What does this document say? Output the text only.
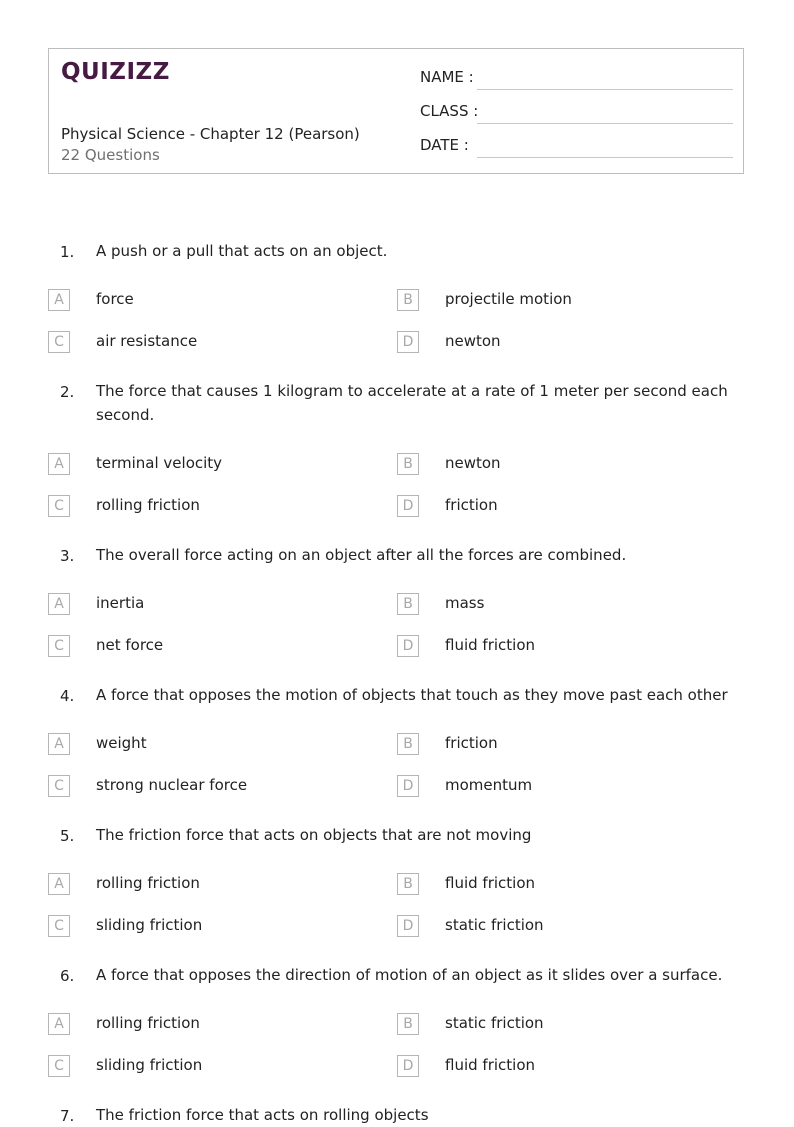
QUIZIZZ
Physical Science - Chapter 12 (Pearson)
22 Questions
NAME :
CLASS :
DATE :
1. A push or a pull that acts on an object.
A	force	B	projectile motion
C	air resistance	D	newton
2. The force that causes 1 kilogram to accelerate at a rate of 1 meter per second each second.
A	terminal velocity	B	newton
C	rolling friction	D	friction
3. The overall force acting on an object after all the forces are combined.
A	inertia	B	mass
C	net force	D	fluid friction
4. A force that opposes the motion of objects that touch as they move past each other
A	weight	B	friction
C	strong nuclear force	D	momentum
5. The friction force that acts on objects that are not moving
A	rolling friction	B	fluid friction
C	sliding friction	D	static friction
6. A force that opposes the direction of motion of an object as it slides over a surface.
A	rolling friction	B	static friction
C	sliding friction	D	fluid friction
7. The friction force that acts on rolling objects
